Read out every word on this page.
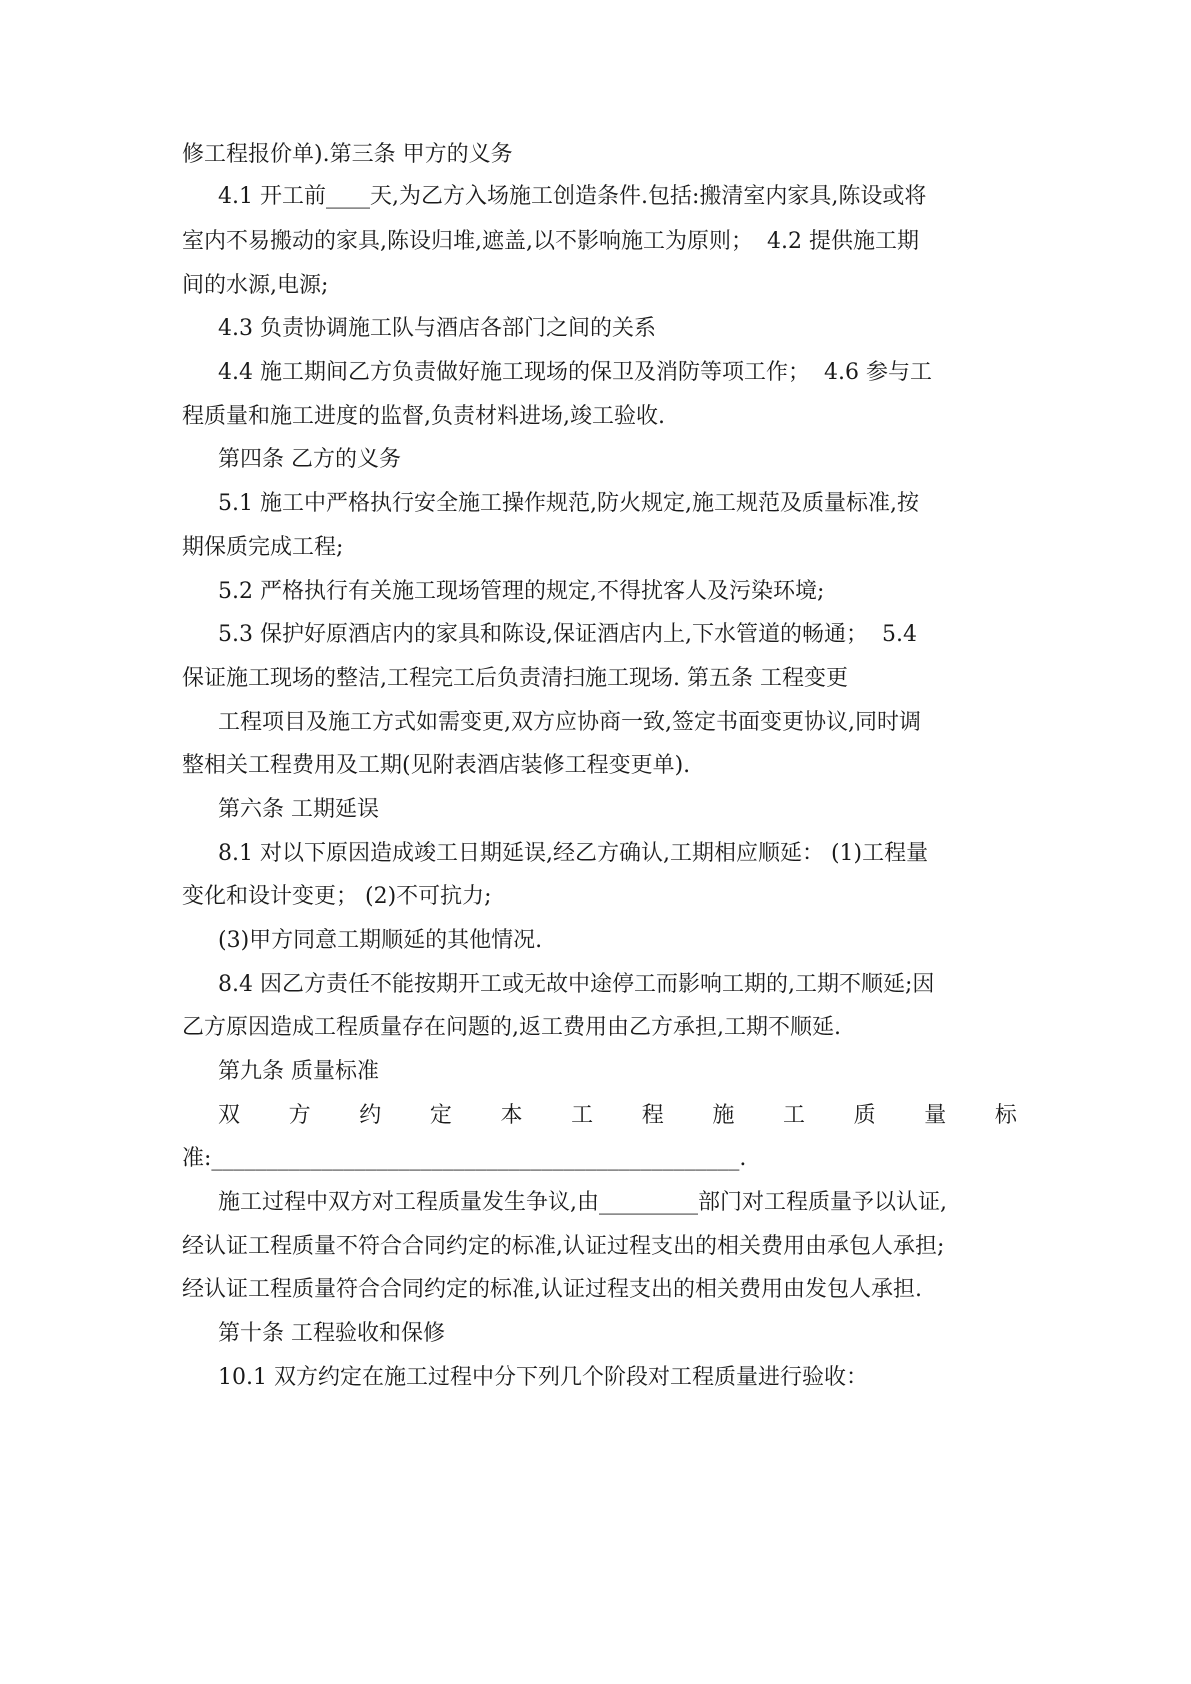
修工程报价单).第三条 甲方的义务

4.1 开工前____天,为乙方入场施工创造条件.包括:搬清室内家具,陈设或将

室内不易搬动的家具,陈设归堆,遮盖,以不影响施工为原则；  4.2 提供施工期

间的水源,电源;

4.3 负责协调施工队与酒店各部门之间的关系

4.4 施工期间乙方负责做好施工现场的保卫及消防等项工作；  4.6 参与工

程质量和施工进度的监督,负责材料进场,竣工验收.

第四条 乙方的义务

5.1 施工中严格执行安全施工操作规范,防火规定,施工规范及质量标准,按

期保质完成工程;

5.2 严格执行有关施工现场管理的规定,不得扰客人及污染环境;

5.3 保护好原酒店内的家具和陈设,保证酒店内上,下水管道的畅通；  5.4

保证施工现场的整洁,工程完工后负责清扫施工现场. 第五条 工程变更

工程项目及施工方式如需变更,双方应协商一致,签定书面变更协议,同时调

整相关工程费用及工期(见附表酒店装修工程变更单).

第六条 工期延误

8.1 对以下原因造成竣工日期延误,经乙方确认,工期相应顺延： (1)工程量

变化和设计变更； (2)不可抗力;

(3)甲方同意工期顺延的其他情况.

8.4 因乙方责任不能按期开工或无故中途停工而影响工期的,工期不顺延;因

乙方原因造成工程质量存在问题的,返工费用由乙方承担,工期不顺延.

第九条 质量标准

双 方 约 定 本 工 程 施 工 质 量 标

准:________________________________________________.

施工过程中双方对工程质量发生争议,由_________部门对工程质量予以认证,

经认证工程质量不符合合同约定的标准,认证过程支出的相关费用由承包人承担;

经认证工程质量符合合同约定的标准,认证过程支出的相关费用由发包人承担.

第十条 工程验收和保修

10.1 双方约定在施工过程中分下列几个阶段对工程质量进行验收：
